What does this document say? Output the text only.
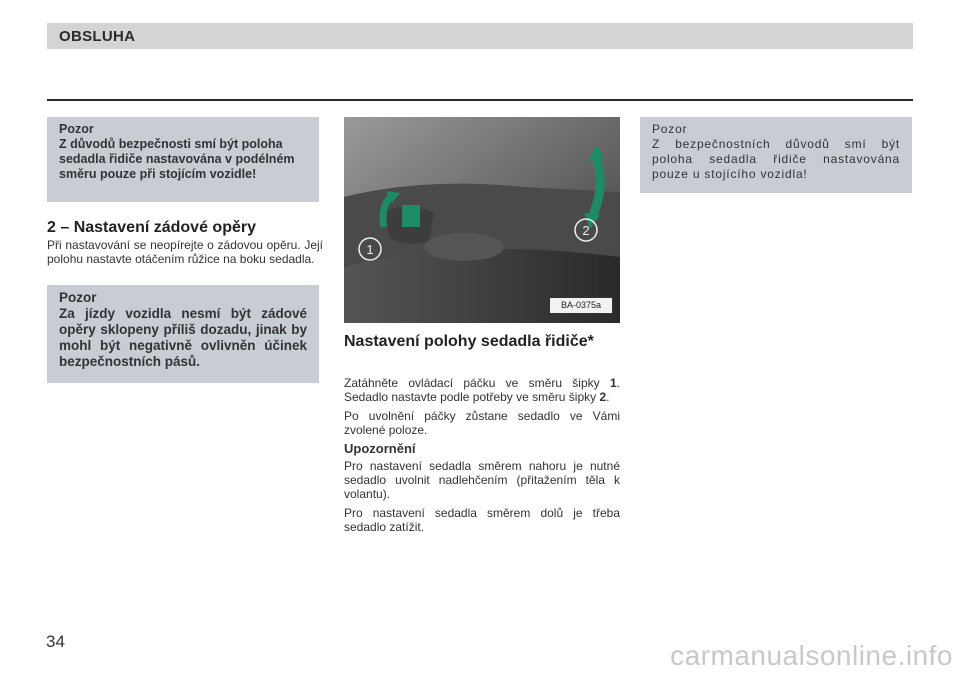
OBSLUHA
Pozor
Z důvodů bezpečnosti smí být poloha sedadla řidiče nastavována v podélném směru pouze při stojícím vozidle!
2 – Nastavení zádové opěry
Při nastavování se neopírejte o zádovou opěru. Její polohu nastavte otáčením růžice na boku sedadla.
Pozor
Za jízdy vozidla nesmí být zádové opěry sklopeny příliš dozadu, jinak by mohl být negativně ovlivněn účinek bezpečnostních pásů.
1
2
BA-0375a
Nastavení polohy sedadla řidiče*

Zatáhněte ovládací páčku ve směru šipky 1. Sedadlo nastavte podle potřeby ve směru šipky 2.

Po uvolnění páčky zůstane sedadlo ve Vámi zvolené poloze.

Upozornění

Pro nastavení sedadla směrem nahoru je nutné sedadlo uvolnit nadlehčením (přitažením těla k volantu).

Pro nastavení sedadla směrem dolů je třeba sedadlo zatížit.

Pozor
Z bezpečnostních důvodů smí být poloha sedadla řidiče nastavována pouze u stojícího vozidla!
34	carmanualsonline.info
